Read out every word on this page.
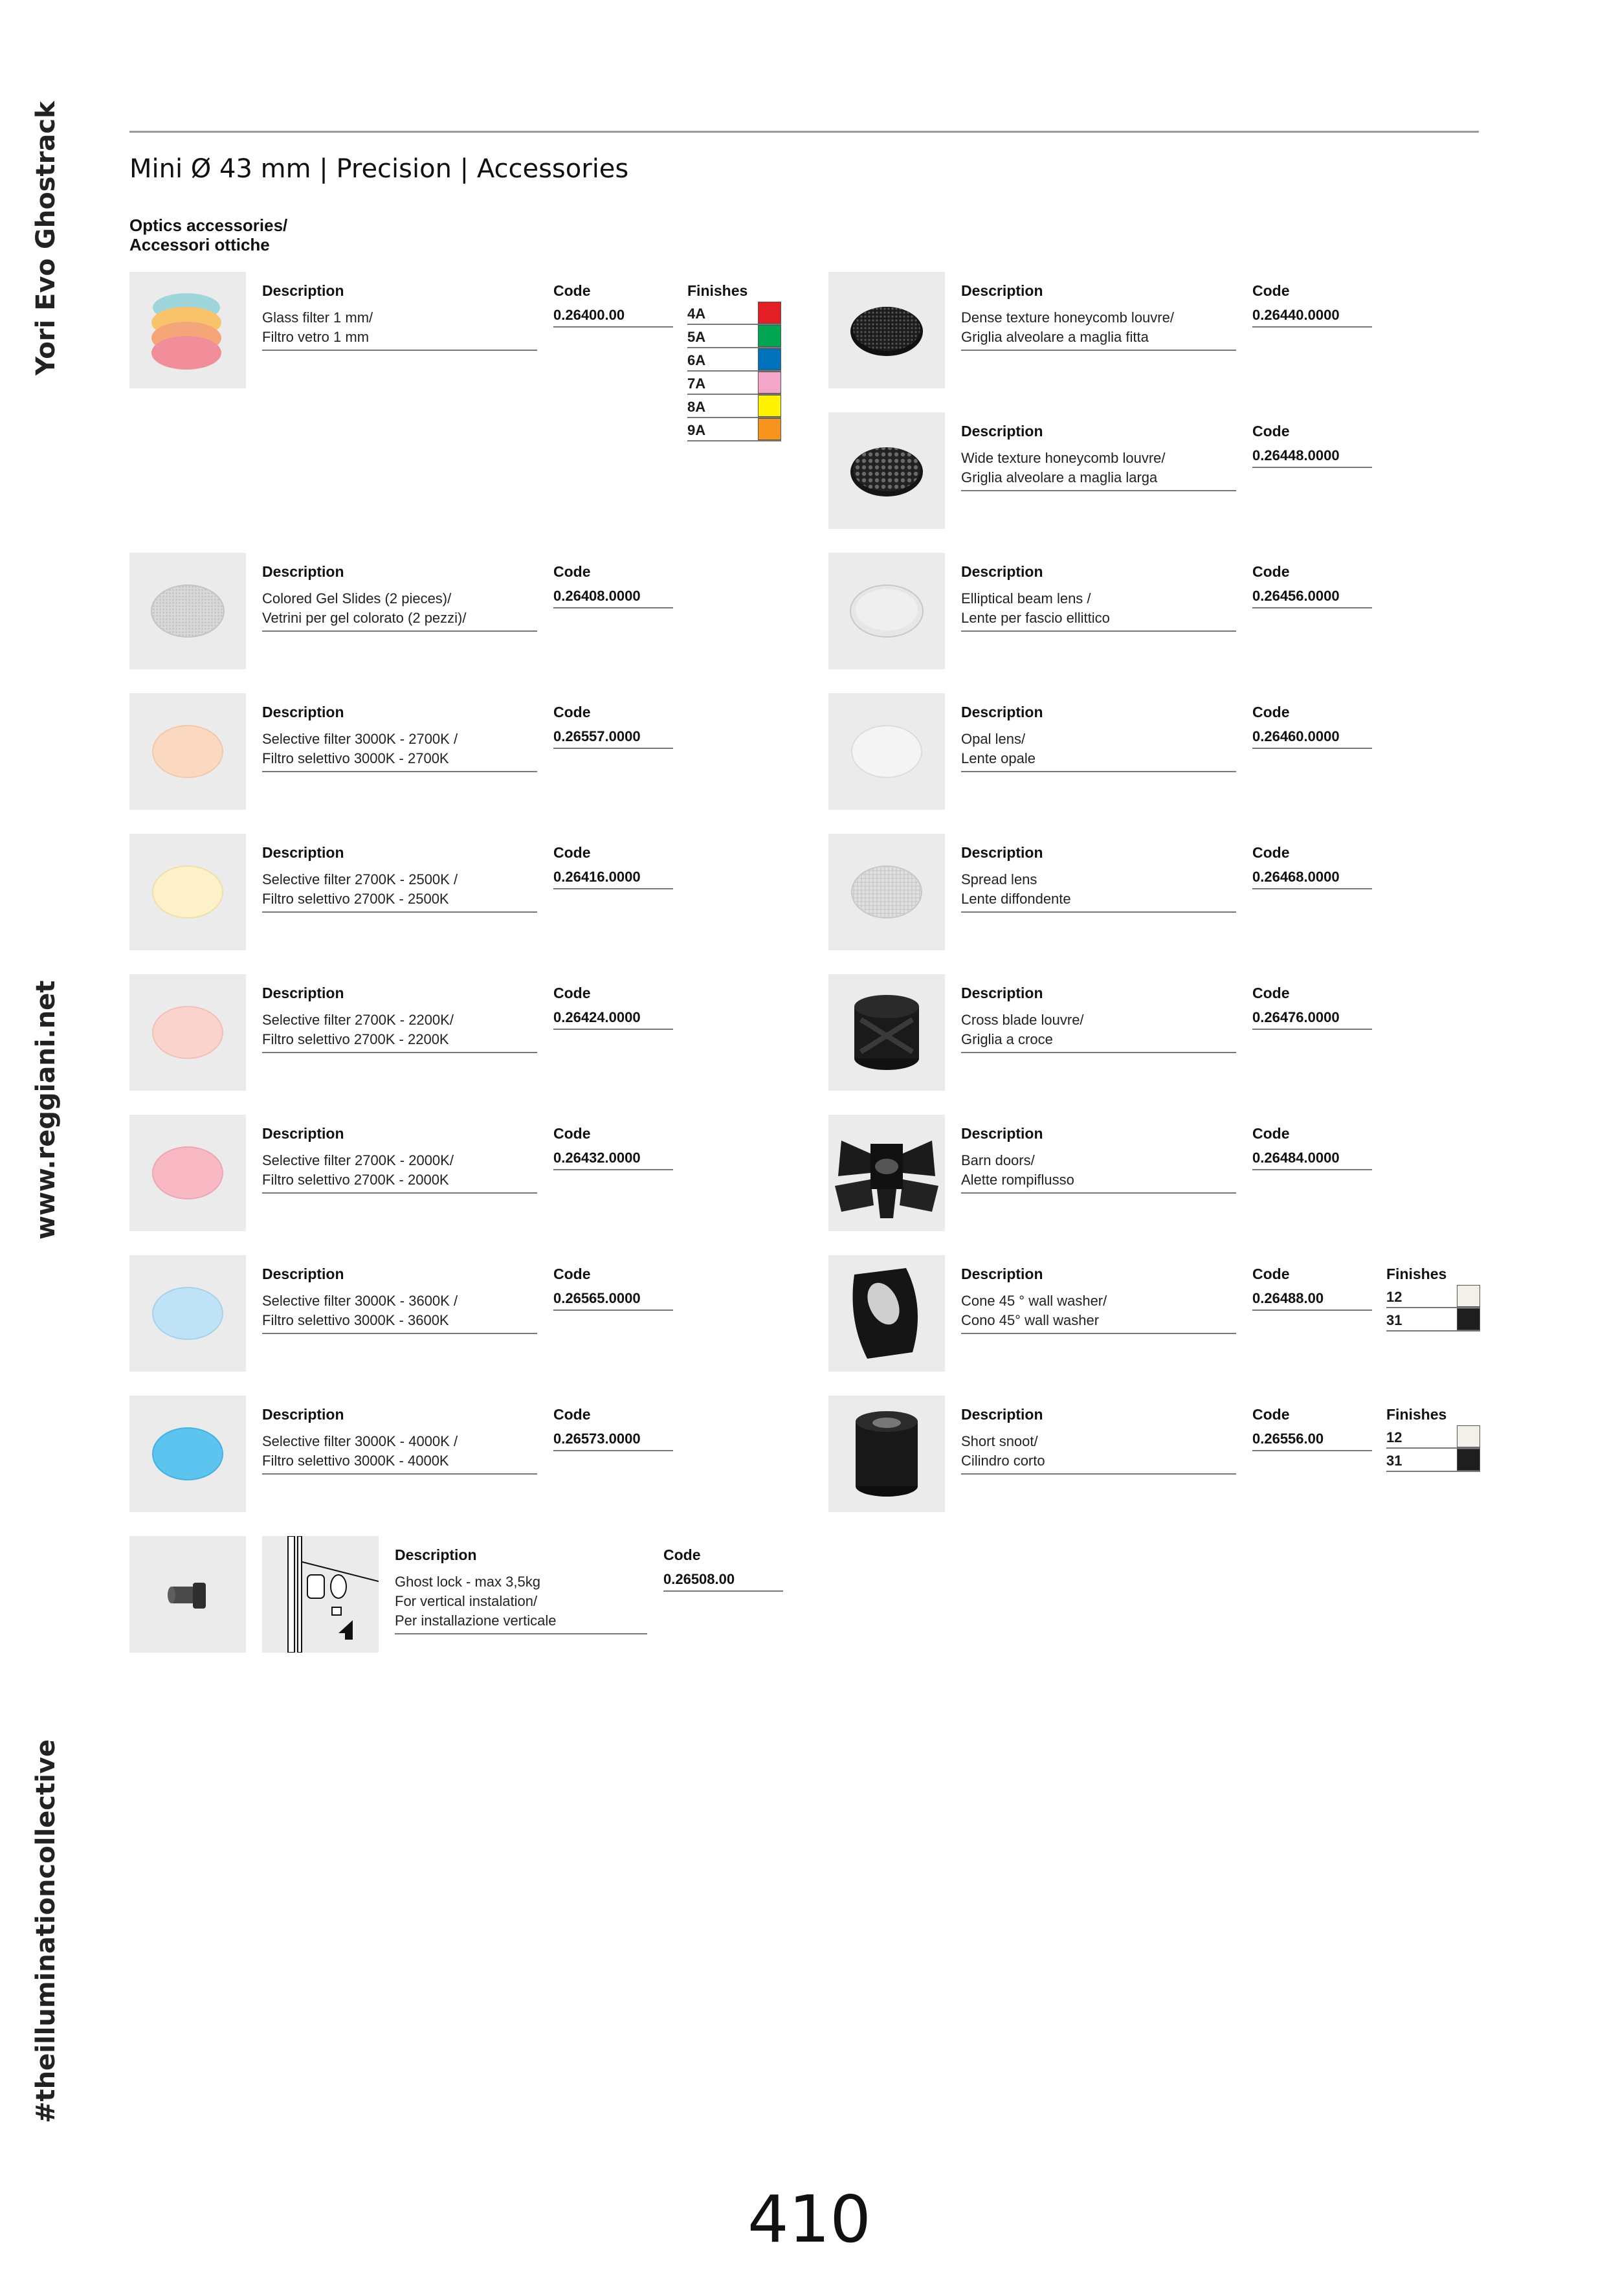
Yori Evo Ghostrack
www.reggiani.net
#theilluminationcollective
Mini Ø 43 mm | Precision | Accessories
Optics accessories/
Accessori ottiche
Description
Glass filter 1 mm/
Filtro vetro 1 mm
Code
0.26400.00
Finishes
4A
5A
6A
7A
8A
9A
Description
Dense texture honeycomb louvre/
Griglia alveolare a maglia fitta
Code
0.26440.0000
Description
Wide texture honeycomb louvre/
Griglia alveolare a maglia larga
Code
0.26448.0000
Description
Colored Gel Slides (2 pieces)/
Vetrini per gel colorato (2 pezzi)/
Code
0.26408.0000
Description
Elliptical beam lens /
Lente per fascio ellittico
Code
0.26456.0000
Description
Selective filter 3000K - 2700K /
Filtro selettivo 3000K - 2700K
Code
0.26557.0000
Description
Opal lens/
Lente opale
Code
0.26460.0000
Description
Selective filter 2700K - 2500K /
Filtro selettivo 2700K - 2500K
Code
0.26416.0000
Description
Spread lens
Lente diffondente
Code
0.26468.0000
Description
Selective filter 2700K - 2200K/
Filtro selettivo 2700K - 2200K
Code
0.26424.0000
Description
Cross blade louvre/
Griglia a croce
Code
0.26476.0000
Description
Selective filter 2700K - 2000K/
Filtro selettivo 2700K - 2000K
Code
0.26432.0000
Description
Barn doors/
Alette rompiflusso
Code
0.26484.0000
Description
Selective filter 3000K - 3600K /
Filtro selettivo 3000K - 3600K
Code
0.26565.0000
Description
Cone 45 ° wall washer/
Cono 45° wall washer
Code
0.26488.00
Finishes
12
31
Description
Selective filter 3000K - 4000K /
Filtro selettivo 3000K - 4000K
Code
0.26573.0000
Description
Short snoot/
Cilindro corto
Code
0.26556.00
Finishes
12
31
Description
Ghost lock - max 3,5kg
For vertical instalation/
Per installazione verticale
Code
0.26508.00
410
